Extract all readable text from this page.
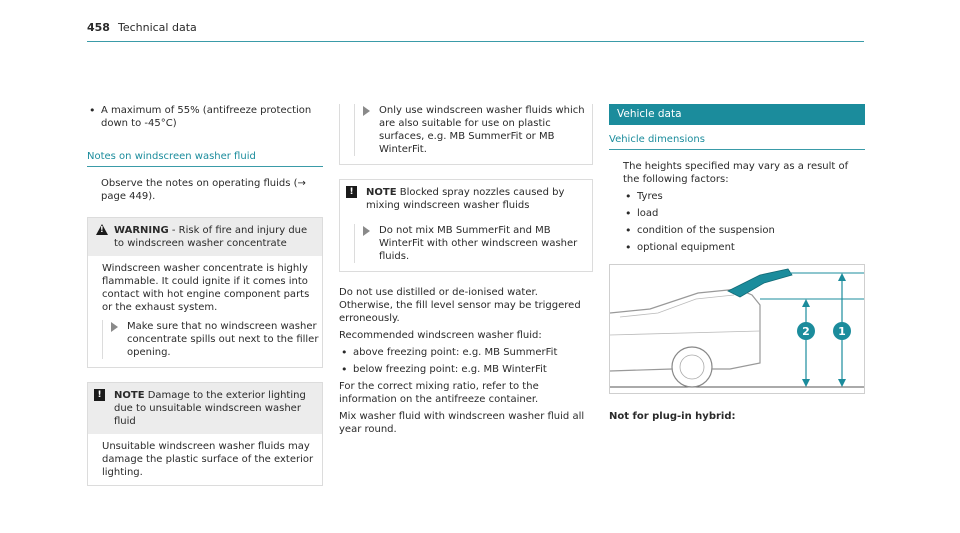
458 Technical data
• A maximum of 55% (antifreeze protection down to -45°C)
Notes on windscreen washer fluid
Observe the notes on operating fluids (→ page 449).
!
WARNING - Risk of fire and injury due to windscreen washer concentrate
Windscreen washer concentrate is highly flammable. It could ignite if it comes into contact with hot engine component parts or the exhaust system.
Make sure that no windscreen washer concentrate spills out next to the filler opening.
!	NOTE Damage to the exterior lighting due to unsuitable windscreen washer fluid
Unsuitable windscreen washer fluids may damage the plastic surface of the exterior lighting.
Only use windscreen washer fluids which are also suitable for use on plastic surfaces, e.g. MB SummerFit or MB WinterFit.
!	NOTE Blocked spray nozzles caused by mixing windscreen washer fluids
Do not mix MB SummerFit and MB WinterFit with other windscreen washer fluids.
Do not use distilled or de-ionised water. Otherwise, the fill level sensor may be triggered erroneously.
Recommended windscreen washer fluid:
• above freezing point: e.g. MB SummerFit
• below freezing point: e.g. MB WinterFit
For the correct mixing ratio, refer to the information on the antifreeze container.
Mix washer fluid with windscreen washer fluid all year round.
Vehicle data
Vehicle dimensions
The heights specified may vary as a result of the following factors:
• Tyres
• load
• condition of the suspension
• optional equipment
2	1
Not for plug-in hybrid:
